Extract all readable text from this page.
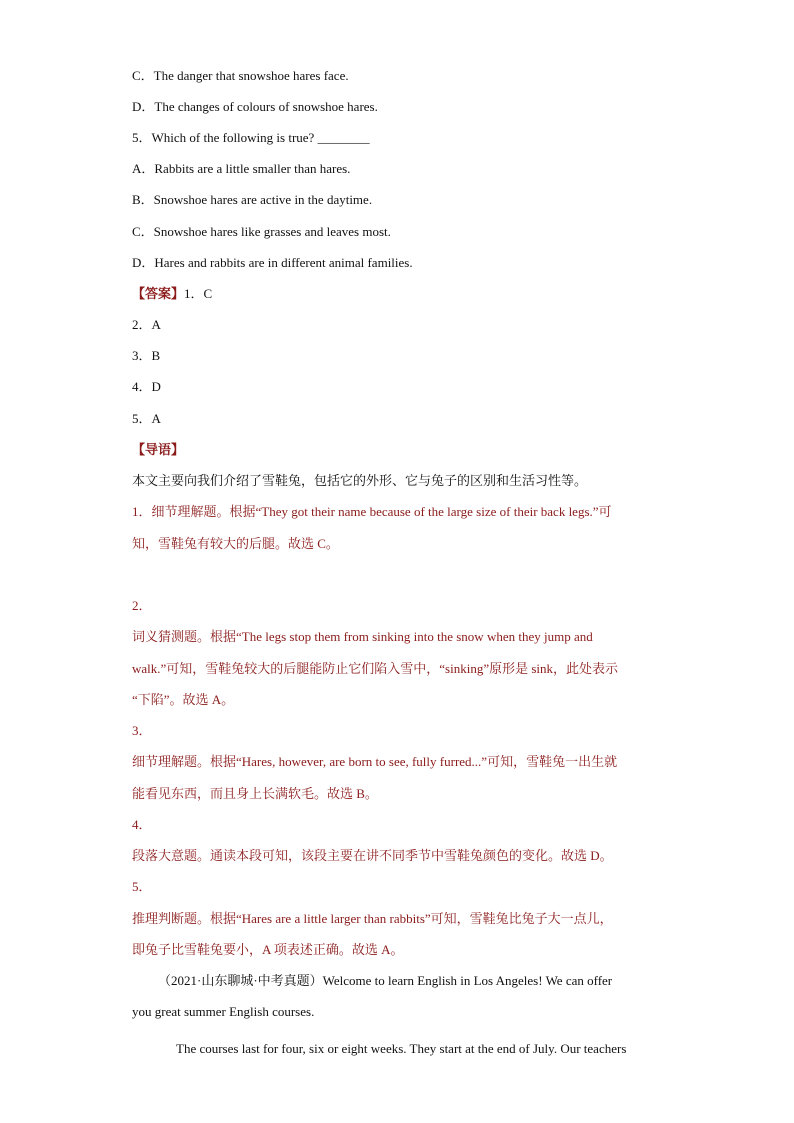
C．The danger that snowshoe hares face.
D．The changes of colours of snowshoe hares.
5．Which of the following is true? ________
A．Rabbits are a little smaller than hares.
B．Snowshoe hares are active in the daytime.
C．Snowshoe hares like grasses and leaves most.
D．Hares and rabbits are in different animal families.
【答案】1．C
2．A
3．B
4．D
5．A
【导语】
本文主要向我们介绍了雪鞋兔，包括它的外形、它与兔子的区别和生活习性等。
1．细节理解题。根据“They got their name because of the large size of their back legs.”可
知，雪鞋兔有较大的后腿。故选 C。
2．
词义猜测题。根据“The legs stop them from sinking into the snow when they jump and
walk.”可知，雪鞋兔较大的后腿能防止它们陷入雪中，“sinking”原形是 sink，此处表示
“下陷”。故选 A。
3．
细节理解题。根据“Hares, however, are born to see, fully furred...”可知，雪鞋兔一出生就
能看见东西，而且身上长满软毛。故选 B。
4．
段落大意题。通读本段可知，该段主要在讲不同季节中雪鞋兔颜色的变化。故选 D。
5．
推理判断题。根据“Hares are a little larger than rabbits”可知，雪鞋兔比兔子大一点儿，
即兔子比雪鞋兔要小，A 项表述正确。故选 A。
（2021·山东聊城·中考真题）Welcome to learn English in Los Angeles! We can offer
you great summer English courses.
The courses last for four, six or eight weeks. They start at the end of July. Our teachers
